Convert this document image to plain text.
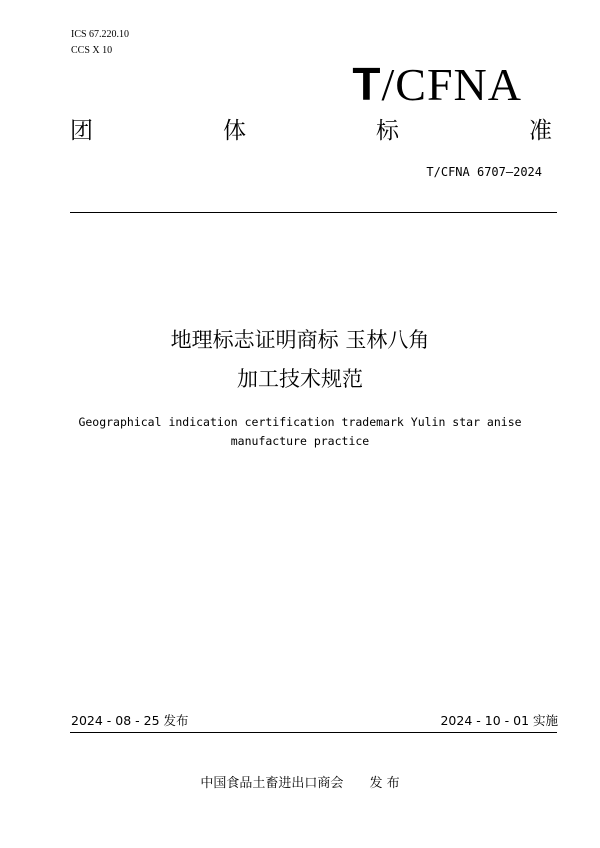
ICS 67.220.10
CCS X 10
T/CFNA
团	体	标	准
T/CFNA 6707—2024
地理标志证明商标 玉林八角
加工技术规范
Geographical indication certification trademark Yulin star anise
manufacture practice
2024 - 08 - 25 发布	2024 - 10 - 01 实施
中国食品土畜进出口商会 发 布
